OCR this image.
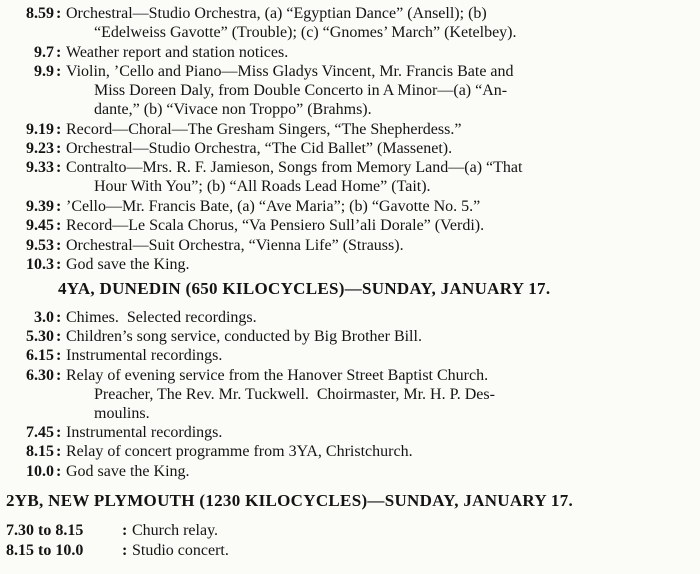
8.59 : Orchestral—Studio Orchestra, (a) “Egyptian Dance” (Ansell); (b)
“Edelweiss Gavotte” (Trouble); (c) “Gnomes’ March” (Ketelbey).
9.7 : Weather report and station notices.
9.9 : Violin, ’Cello and Piano—Miss Gladys Vincent, Mr. Francis Bate and
Miss Doreen Daly, from Double Concerto in A Minor—(a) “An-
dante,” (b) “Vivace non Troppo” (Brahms).
9.19 : Record—Choral—The Gresham Singers, “The Shepherdess.”
9.23 : Orchestral—Studio Orchestra, “The Cid Ballet” (Massenet).
9.33 : Contralto—Mrs. R. F. Jamieson, Songs from Memory Land—(a) “That
Hour With You”; (b) “All Roads Lead Home” (Tait).
9.39 : ’Cello—Mr. Francis Bate, (a) “Ave Maria”; (b) “Gavotte No. 5.”
9.45 : Record—Le Scala Chorus, “Va Pensiero Sull’ali Dorale” (Verdi).
9.53 : Orchestral—Suit Orchestra, “Vienna Life” (Strauss).
10.3 : God save the King.
4YA, DUNEDIN (650 KILOCYCLES)—SUNDAY, JANUARY 17.
3.0 : Chimes.  Selected recordings.
5.30 : Children’s song service, conducted by Big Brother Bill.
6.15 : Instrumental recordings.
6.30 : Relay of evening service from the Hanover Street Baptist Church.
Preacher, The Rev. Mr. Tuckwell.  Choirmaster, Mr. H. P. Des-
moulins.
7.45 : Instrumental recordings.
8.15 : Relay of concert programme from 3YA, Christchurch.
10.0 : God save the King.
2YB, NEW PLYMOUTH (1230 KILOCYCLES)—SUNDAY, JANUARY 17.
7.30 to 8.15	: Church relay.
8.15 to 10.0	: Studio concert.
